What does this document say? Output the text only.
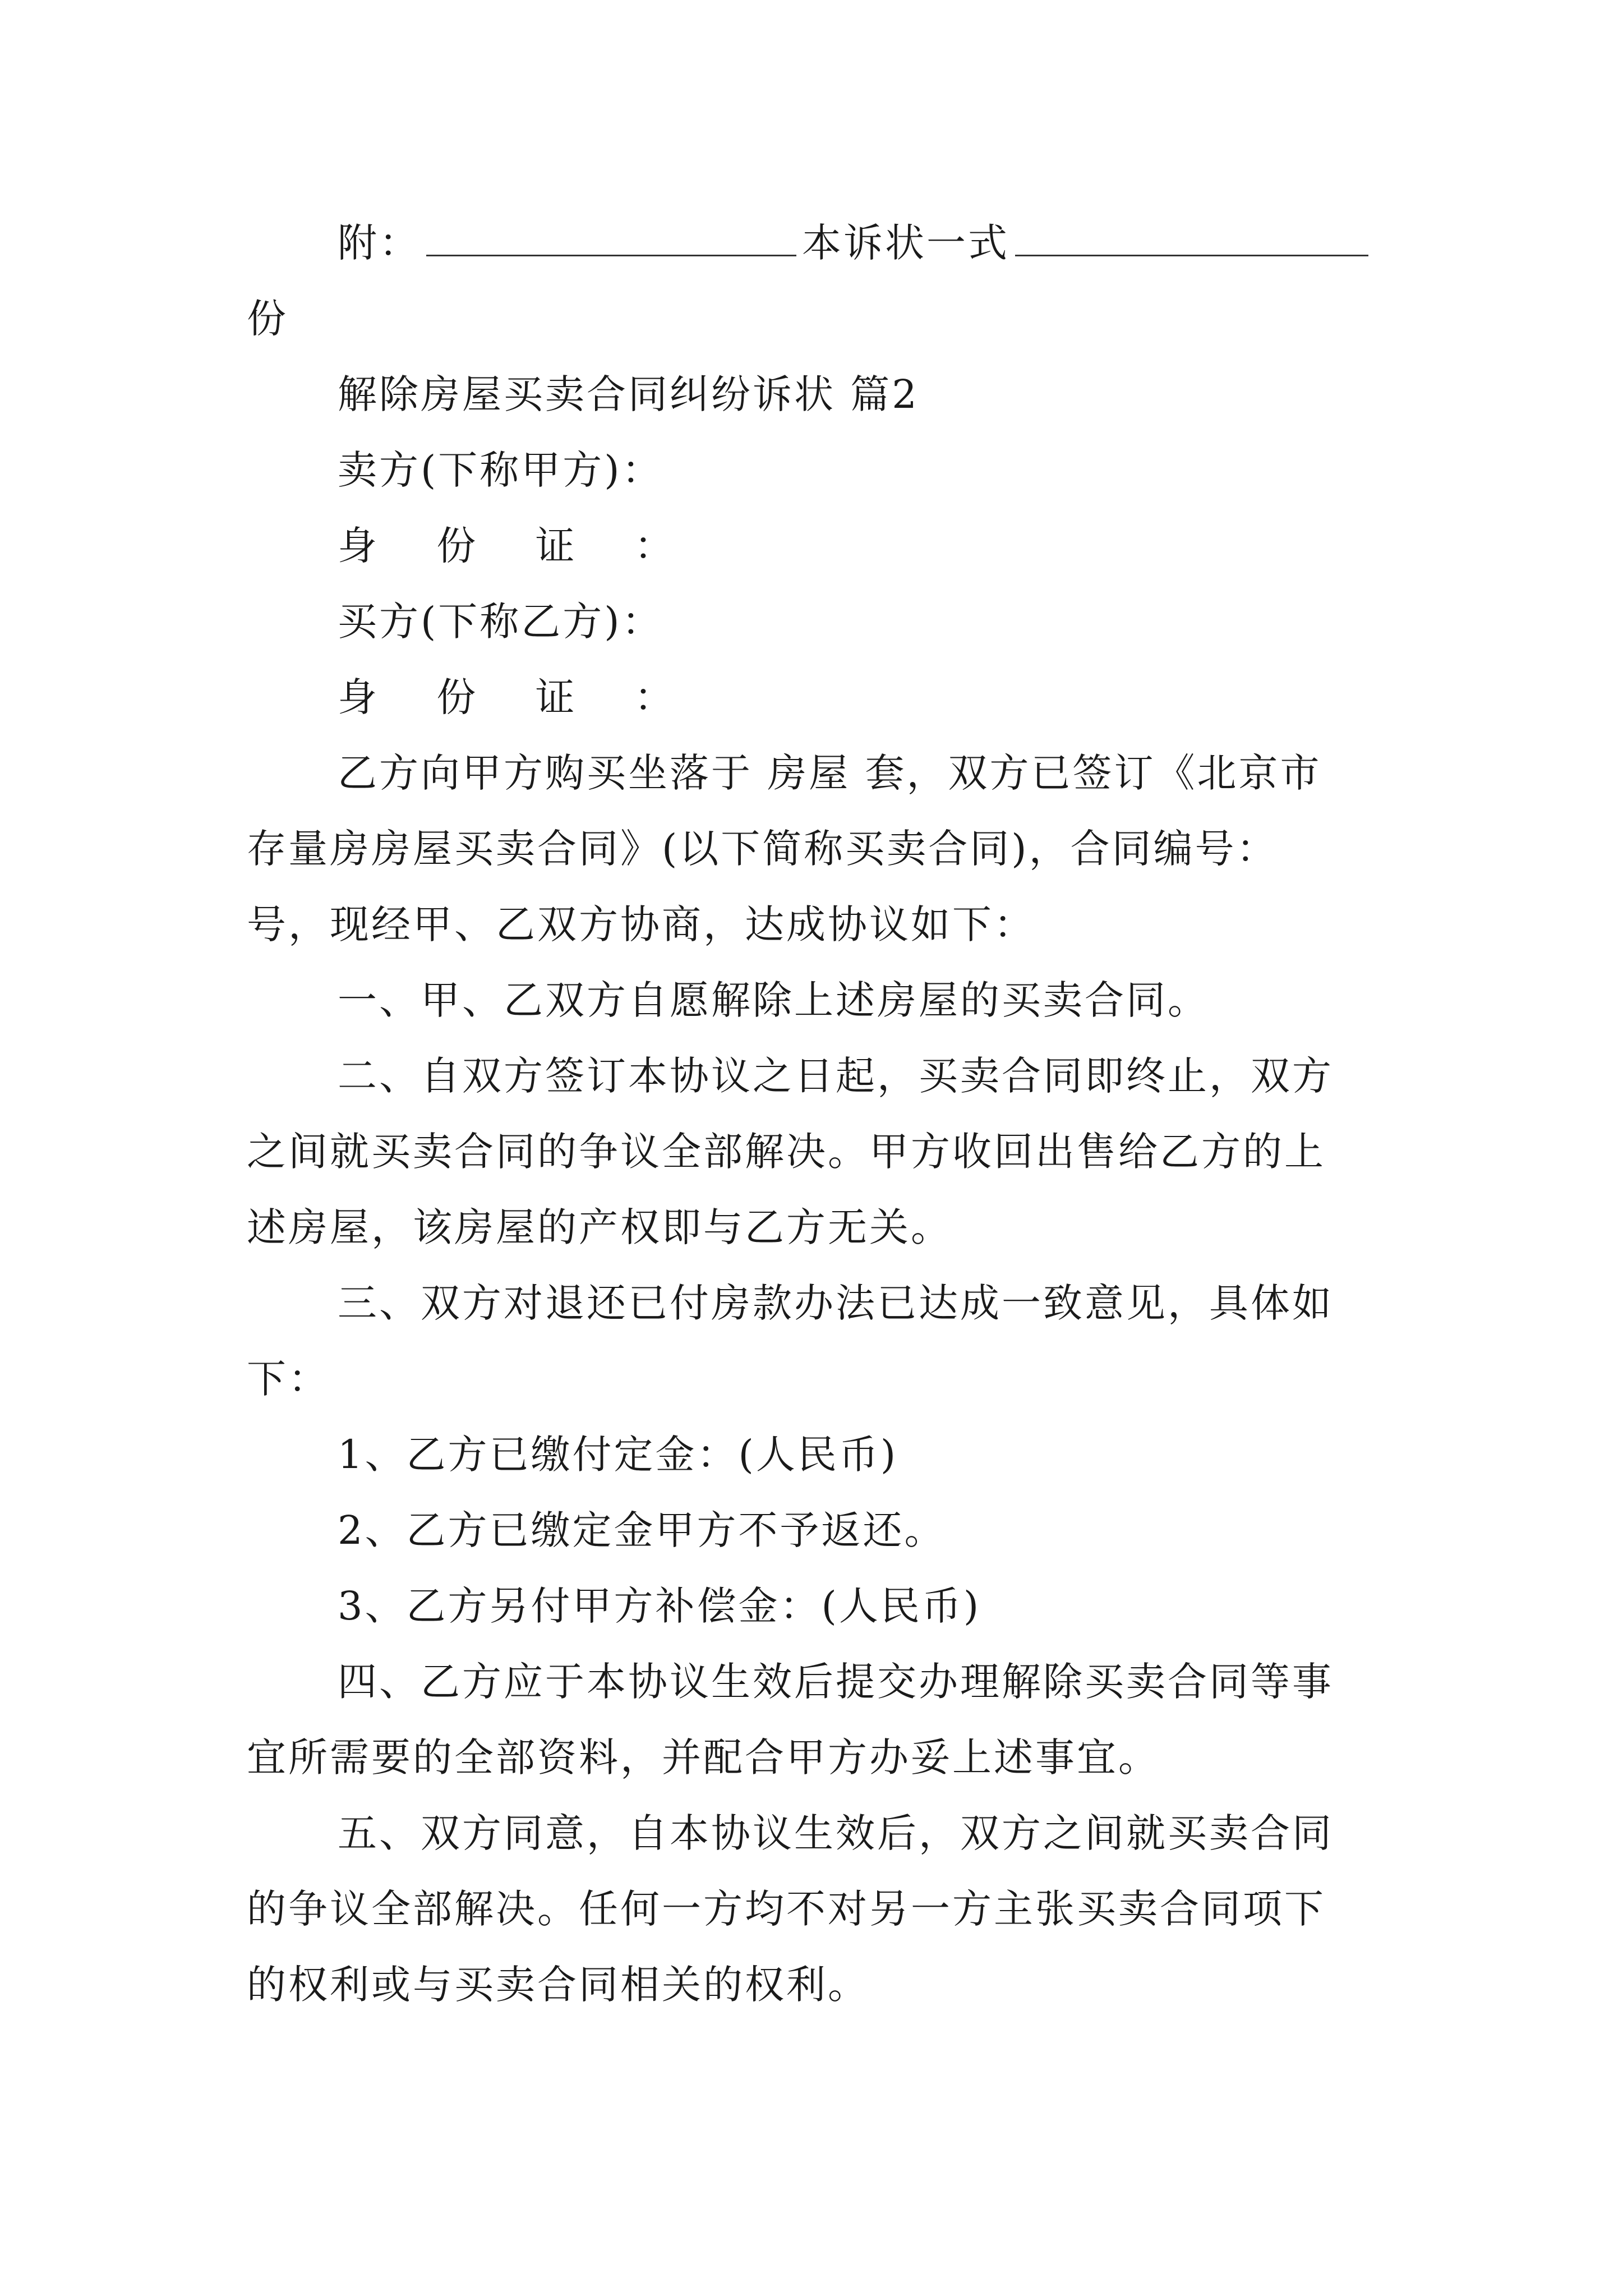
附：	本诉状一式
份
解除房屋买卖合同纠纷诉状 篇2
卖方(下称甲方)：
身 份 证 ：
买方(下称乙方)：
身 份 证 ：
乙方向甲方购买坐落于 房屋 套，双方已签订《北京市
存量房房屋买卖合同》(以下简称买卖合同)，合同编号：
号，现经甲、乙双方协商，达成协议如下：
一、甲、乙双方自愿解除上述房屋的买卖合同。
二、自双方签订本协议之日起，买卖合同即终止，双方
之间就买卖合同的争议全部解决。甲方收回出售给乙方的上
述房屋，该房屋的产权即与乙方无关。
三、双方对退还已付房款办法已达成一致意见，具体如
下：
1、乙方已缴付定金：(人民币)
2、乙方已缴定金甲方不予返还。
3、乙方另付甲方补偿金：(人民币)
四、乙方应于本协议生效后提交办理解除买卖合同等事
宜所需要的全部资料，并配合甲方办妥上述事宜。
五、双方同意，自本协议生效后，双方之间就买卖合同
的争议全部解决。任何一方均不对另一方主张买卖合同项下
的权利或与买卖合同相关的权利。
